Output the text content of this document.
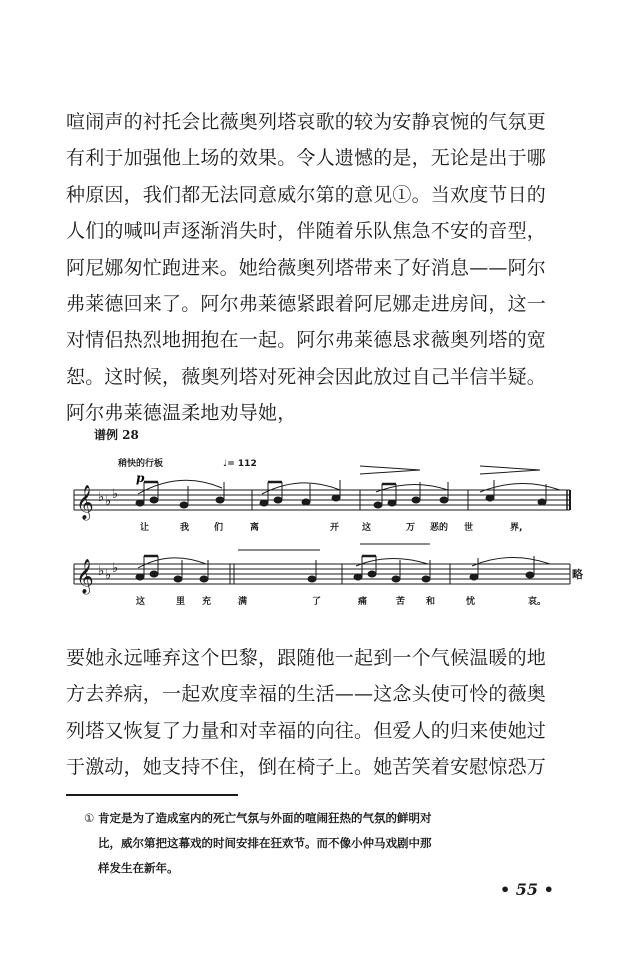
喧闹声的衬托会比薇奥列塔哀歌的较为安静哀惋的气氛更
有利于加强他上场的效果。令人遗憾的是，无论是出于哪
种原因，我们都无法同意威尔第的意见①。当欢度节日的
人们的喊叫声逐渐消失时，伴随着乐队焦急不安的音型，
阿尼娜匆忙跑进来。她给薇奥列塔带来了好消息——阿尔
弗莱德回来了。阿尔弗莱德紧跟着阿尼娜走进房间，这一
对情侣热烈地拥抱在一起。阿尔弗莱德恳求薇奥列塔的宽
恕。这时候，薇奥列塔对死神会因此放过自己半信半疑。
阿尔弗莱德温柔地劝导她，
谱例 28
稍快的行板	♩= 112
p
𝄞 ♭ ♭ ♭
让	我	们	离	开	这	万 恶的 世	界,
𝄞 ♭ ♭ ♭
这	里 充	满	了	痛	苦 和	忧	哀。
略
要她永远唾弃这个巴黎，跟随他一起到一个气候温暖的地
方去养病，一起欢度幸福的生活——这念头使可怜的薇奥
列塔又恢复了力量和对幸福的向往。但爱人的归来使她过
于激动，她支持不住，倒在椅子上。她苦笑着安慰惊恐万
① 肯定是为了造成室内的死亡气氛与外面的喧闹狂热的气氛的鲜明对
比，威尔第把这幕戏的时间安排在狂欢节。而不像小仲马戏剧中那
样发生在新年。
• 55 •
